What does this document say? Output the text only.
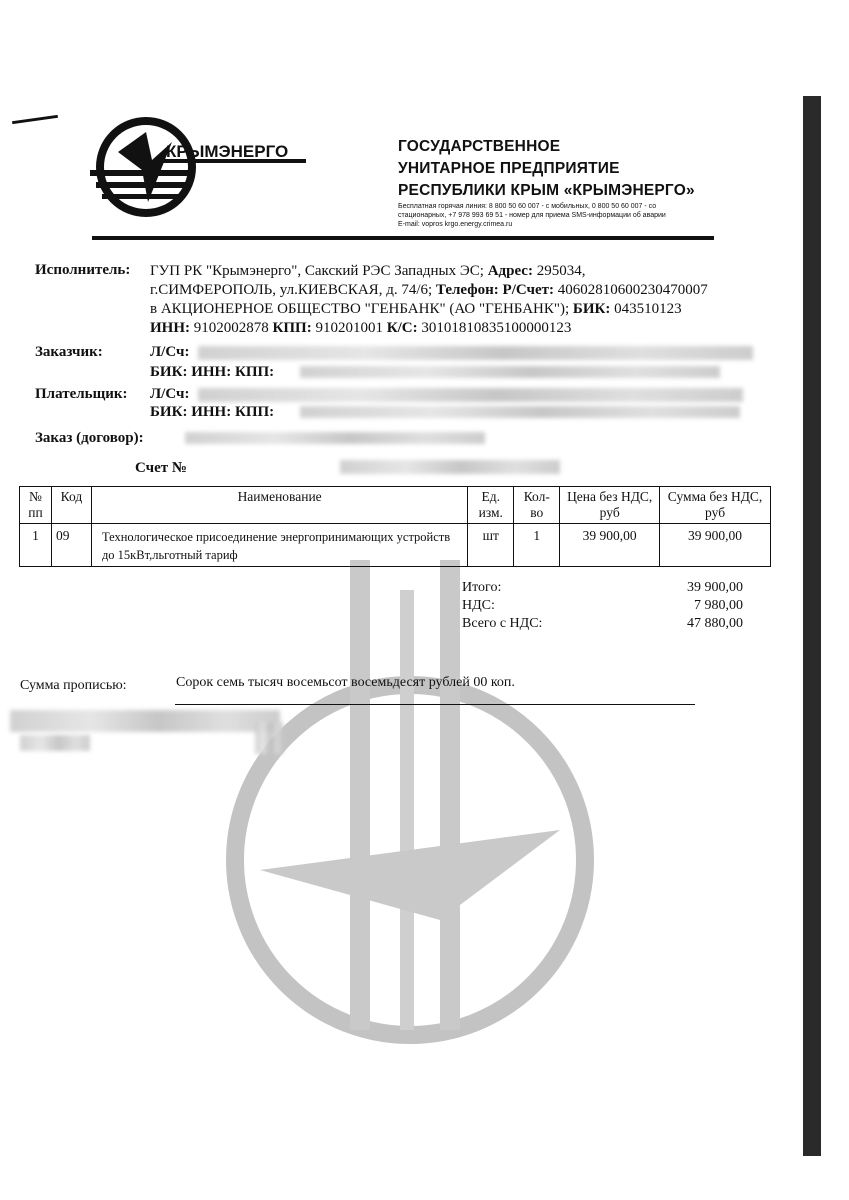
КРЫМЭНЕРГО	ГОСУДАРСТВЕННОЕ
УНИТАРНОЕ ПРЕДПРИЯТИЕ
РЕСПУБЛИКИ КРЫМ «КРЫМЭНЕРГО»
Бесплатная горячая линия: 8 800 50 60 007 - с мобильных, 0 800 50 60 007 - со
стационарных, +7 978 993 69 51 - номер для приема SMS-информации об аварии
E-mail: vopros krgo.energy.crimea.ru
Исполнитель: ГУП РК "Крымэнерго", Сакский РЭС Западных ЭС; Адрес: 295034,
г.СИМФЕРОПОЛЬ, ул.КИЕВСКАЯ, д. 74/6; Телефон: Р/Счет: 40602810600230470007
в АКЦИОНЕРНОЕ ОБЩЕСТВО "ГЕНБАНК" (АО "ГЕНБАНК"); БИК: 043510123
ИНН: 9102002878 КПП: 910201001 К/С: 30101810835100000123
Заказчик:	Л/Сч:
БИК: ИНН: КПП:
Плательщик: Л/Сч:
БИК: ИНН: КПП:
Заказ (договор):
Счет №
№ пп	Код	Наименование	Ед. изм.	Кол-во	Цена без НДС, руб	Сумма без НДС, руб
1	09	Технологическое присоединение энергопринимающих устройств до 15кВт,льготный тариф	шт	1	39 900,00	39 900,00
Итого:	39 900,00
НДС:	7 980,00
Всего с НДС:	47 880,00
Сумма прописью:	Сорок семь тысяч восемьсот восемьдесят рублей 00 коп.
